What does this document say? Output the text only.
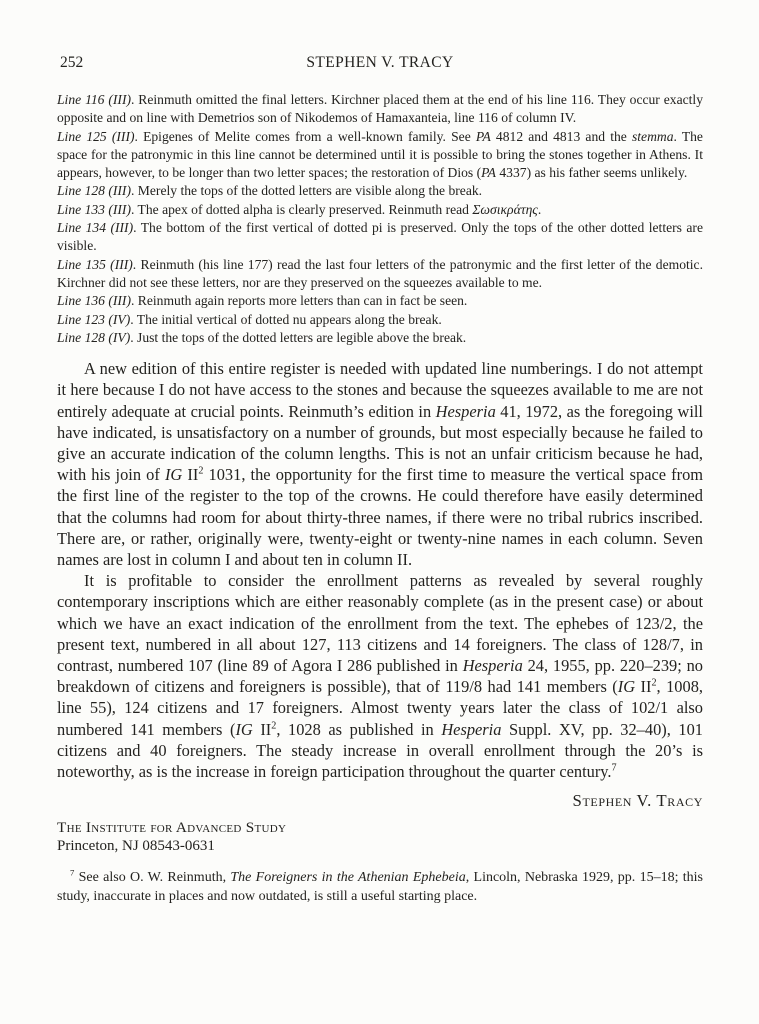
252	STEPHEN V. TRACY

Line 116 (III). Reinmuth omitted the final letters. Kirchner placed them at the end of his line 116. They occur exactly opposite and on line with Demetrios son of Nikodemos of Hamaxanteia, line 116 of column IV.

Line 125 (III). Epigenes of Melite comes from a well-known family. See PA 4812 and 4813 and the stemma. The space for the patronymic in this line cannot be determined until it is possible to bring the stones together in Athens. It appears, however, to be longer than two letter spaces; the restoration of Dios (PA 4337) as his father seems unlikely.

Line 128 (III). Merely the tops of the dotted letters are visible along the break.

Line 133 (III). The apex of dotted alpha is clearly preserved. Reinmuth read Σωσικράτης.

Line 134 (III). The bottom of the first vertical of dotted pi is preserved. Only the tops of the other dotted letters are visible.

Line 135 (III). Reinmuth (his line 177) read the last four letters of the patronymic and the first letter of the demotic. Kirchner did not see these letters, nor are they preserved on the squeezes available to me.

Line 136 (III). Reinmuth again reports more letters than can in fact be seen.

Line 123 (IV). The initial vertical of dotted nu appears along the break.

Line 128 (IV). Just the tops of the dotted letters are legible above the break.

A new edition of this entire register is needed with updated line numberings. I do not attempt it here because I do not have access to the stones and because the squeezes available to me are not entirely adequate at crucial points. Reinmuth’s edition in Hesperia 41, 1972, as the foregoing will have indicated, is unsatisfactory on a number of grounds, but most especially because he failed to give an accurate indication of the column lengths. This is not an unfair criticism because he had, with his join of IG $II^2$ 1031, the opportunity for the first time to measure the vertical space from the first line of the register to the top of the crowns. He could therefore have easily determined that the columns had room for about thirty-three names, if there were no tribal rubrics inscribed. There are, or rather, originally were, twenty-eight or twenty-nine names in each column. Seven names are lost in column I and about ten in column II.

It is profitable to consider the enrollment patterns as revealed by several roughly contemporary inscriptions which are either reasonably complete (as in the present case) or about which we have an exact indication of the enrollment from the text. The ephebes of 123/2, the present text, numbered in all about 127, 113 citizens and 14 foreigners. The class of 128/7, in contrast, numbered 107 (line 89 of Agora I 286 published in Hesperia 24, 1955, pp. 220–239; no breakdown of citizens and foreigners is possible), that of 119/8 had 141 members (IG $II^2$, 1008, line 55), 124 citizens and 17 foreigners. Almost twenty years later the class of 102/1 also numbered 141 members (IG $II^2$, 1028 as published in Hesperia Suppl. XV, pp. 32–40), 101 citizens and 40 foreigners. The steady increase in overall enrollment through the 20’s is noteworthy, as is the increase in foreign participation throughout the quarter century.$^7$

Stephen V. Tracy
The Institute for Advanced Study
Princeton, NJ 08543-0631
$^7$ See also O. W. Reinmuth, The Foreigners in the Athenian Ephebeia, Lincoln, Nebraska 1929, pp. 15–18; this study, inaccurate in places and now outdated, is still a useful starting place.
